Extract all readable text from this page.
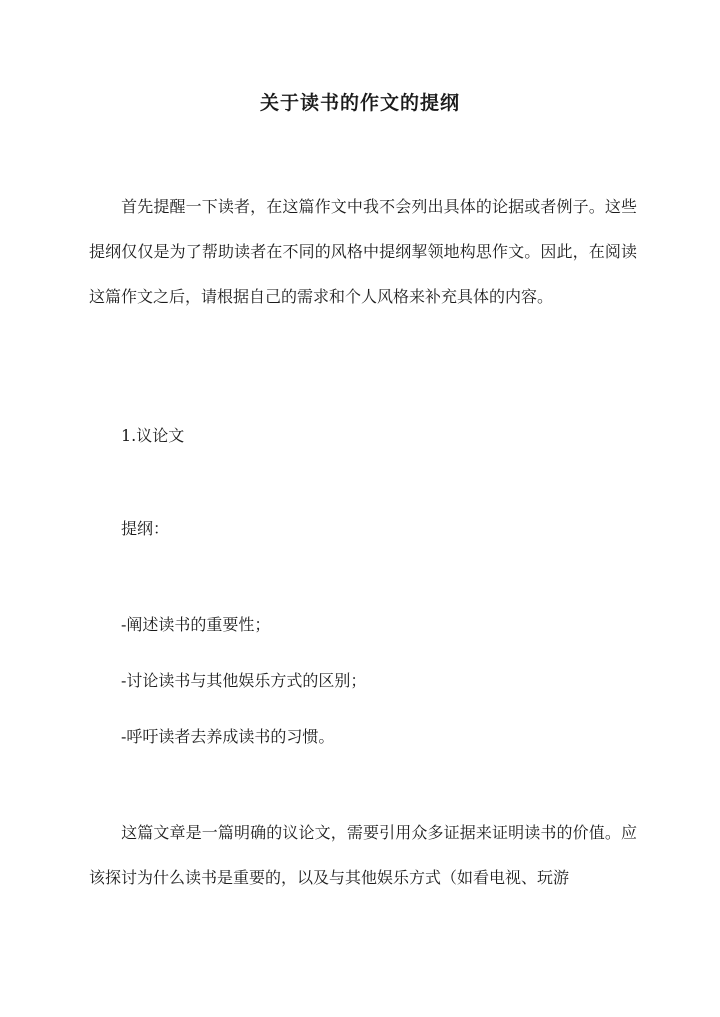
关于读书的作文的提纲
首先提醒一下读者，在这篇作文中我不会列出具体的论据或者例子。这些提纲仅仅是为了帮助读者在不同的风格中提纲挈领地构思作文。因此，在阅读这篇作文之后，请根据自己的需求和个人风格来补充具体的内容。
1.议论文
提纲：
-阐述读书的重要性；
-讨论读书与其他娱乐方式的区别；
-呼吁读者去养成读书的习惯。
这篇文章是一篇明确的议论文，需要引用众多证据来证明读书的价值。应该探讨为什么读书是重要的，以及与其他娱乐方式（如看电视、玩游
